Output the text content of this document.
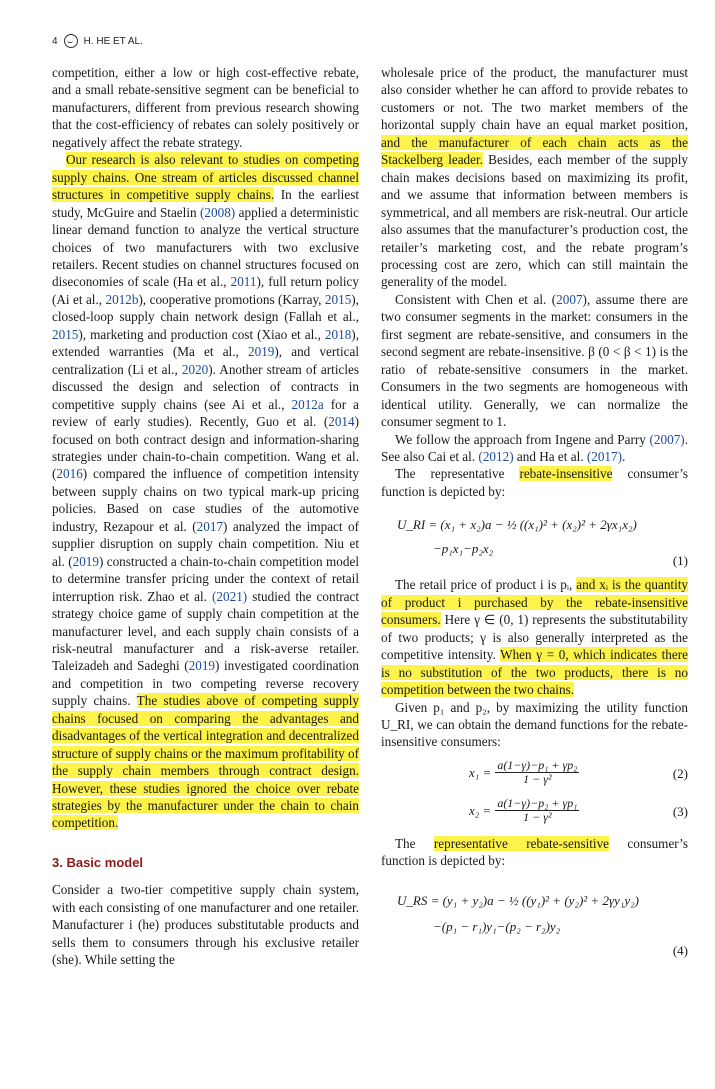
4	H. HE ET AL.

competition, either a low or high cost-effective rebate, and a small rebate-sensitive segment can be beneficial to manufacturers, different from previous research showing that the cost-efficiency of rebates can solely positively or negatively affect the rebate strategy.

Our research is also relevant to studies on competing supply chains. One stream of articles discussed channel structures in competitive supply chains. In the earliest study, McGuire and Staelin (2008) applied a deterministic linear demand function to analyze the vertical structure choices of two manufacturers with two exclusive retailers. Recent studies on channel structures focused on diseconomies of scale (Ha et al., 2011), full return policy (Ai et al., 2012b), cooperative promotions (Karray, 2015), closed-loop supply chain network design (Fallah et al., 2015), marketing and production cost (Xiao et al., 2018), extended warranties (Ma et al., 2019), and vertical centralization (Li et al., 2020). Another stream of articles discussed the design and selection of contracts in competitive supply chains (see Ai et al., 2012a for a review of early studies). Recently, Guo et al. (2014) focused on both contract design and information-sharing strategies under chain-to-chain competition. Wang et al. (2016) compared the influence of competition intensity between supply chains on two typical mark-up pricing policies. Based on case studies of the automotive industry, Rezapour et al. (2017) analyzed the impact of supplier disruption on supply chain competition. Niu et al. (2019) constructed a chain-to-chain competition model to determine transfer pricing under the context of retail interruption risk. Zhao et al. (2021) studied the contract strategy choice game of supply chain competition at the manufacturer level, and each supply chain consists of a risk-neutral manufacturer and a risk-averse retailer. Taleizadeh and Sadeghi (2019) investigated coordination and competition in two competing reverse recovery supply chains. The studies above of competing supply chains focused on comparing the advantages and disadvantages of the vertical integration and decentralized structure of supply chains or the maximum profitability of the supply chain members through contract design. However, these studies ignored the choice over rebate strategies by the manufacturer under the chain to chain competition.

3. Basic model

Consider a two-tier competitive supply chain system, with each consisting of one manufacturer and one retailer. Manufacturer i (he) produces substitutable products and sells them to consumers through his exclusive retailer (she). While setting the

wholesale price of the product, the manufacturer must also consider whether he can afford to provide rebates to customers or not. The two market members of the horizontal supply chain have an equal market position, and the manufacturer of each chain acts as the Stackelberg leader. Besides, each member of the supply chain makes decisions based on maximizing its profit, and we assume that information between members is symmetrical, and all members are risk-neutral. Our article also assumes that the manufacturer’s production cost, the retailer’s marketing cost, and the rebate program’s processing cost are zero, which can still maintain the generality of the model.

Consistent with Chen et al. (2007), assume there are two consumer segments in the market: consumers in the first segment are rebate-sensitive, and consumers in the second segment are rebate-insensitive. β (0 < β < 1) is the ratio of rebate-sensitive consumers in the market. Consumers in the two segments are homogeneous with identical utility. Generally, we can normalize the consumer segment to 1.

We follow the approach from Ingene and Parry (2007). See also Cai et al. (2012) and Ha et al. (2017).

The representative rebate-insensitive consumer’s function is depicted by:

U_RI = (x₁ + x₂)a − ½ ((x₁)² + (x₂)² + 2γx₁x₂)
−p₁x₁−p₂x₂
(1)

The retail price of product i is pᵢ, and xᵢ is the quantity of product i purchased by the rebate-insensitive consumers. Here γ ∈ (0, 1) represents the substitutability of two products; γ is also generally interpreted as the competitive intensity. When γ = 0, which indicates there is no substitution of the two products, there is no competition between the two chains.

Given p₁ and p₂, by maximizing the utility function U_RI, we can obtain the demand functions for the rebate-insensitive consumers:

$x_1 = \frac{\text{a(1−γ)−p₁ + γp₂}}{\text{1 − γ²}}$	(2)
$x_2 = \frac{\text{a(1−γ)−p₂ + γp₁}}{\text{1 − γ²}}$	(3)

The representative rebate-sensitive consumer’s function is depicted by:

U_RS = (y₁ + y₂)a − ½ ((y₁)² + (y₂)² + 2γy₁y₂)
−(p₁ − r₁)y₁−(p₂ − r₂)y₂
(4)
